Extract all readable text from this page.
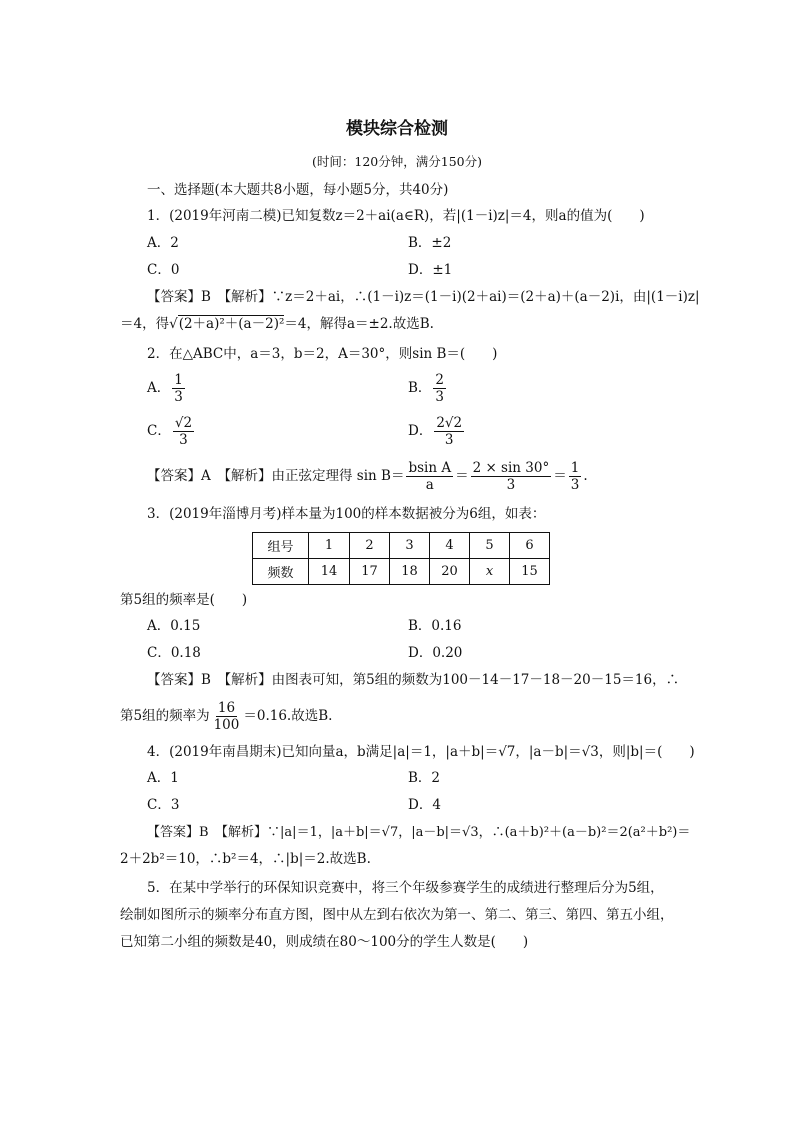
模块综合检测
(时间：120分钟，满分150分)
一、选择题(本大题共8小题，每小题5分，共40分)
1．(2019年河南二模)已知复数z＝2＋ai(a∈R)，若|(1－i)z|＝4，则a的值为(　　)
A．2	B．±2
C．0	D．±1
【答案】B　【解析】∵z＝2＋ai，∴(1－i)z＝(1－i)(2＋ai)＝(2＋a)＋(a－2)i，由|(1－i)z|
＝4，得√(2＋a)²＋(a－2)²＝4，解得a＝±2.故选B.
2．在△ABC中，a＝3，b＝2，A＝30°，则sin B＝(　　)
A． $\frac{1}{3}$	B． $\frac{2}{3}$
C． $\frac{√2}{3}$	D． $\frac{2√2}{3}$
【答案】A　【解析】由正弦定理得 $\sin B= \frac{\text{bsin A}}{a} = \frac{2 \times \sin 30^\circ}{3} = \frac{1}{3}$ .
3．(2019年淄博月考)样本量为100的样本数据被分为6组，如表：
组号	1	2	3	4	5	6
频数	14	17	18	20	x	15
第5组的频率是(　　)
A．0.15	B．0.16
C．0.18	D．0.20
【答案】B　【解析】由图表可知，第5组的频数为100－14－17－18－20－15＝16，∴
第5组的频率为 $\frac{16}{100} =0.16$.故选B.
4．(2019年南昌期末)已知向量a，b满足|a|＝1，|a＋b|＝√7，|a－b|＝√3，则|b|＝(　　)
A．1	B．2
C．3	D．4
【答案】B　【解析】∵|a|＝1，|a＋b|＝√7，|a－b|＝√3，∴(a＋b)²＋(a－b)²＝2(a²＋b²)＝
2＋2b²＝10，∴b²＝4，∴|b|＝2.故选B.
5．在某中学举行的环保知识竞赛中，将三个年级参赛学生的成绩进行整理后分为5组，
绘制如图所示的频率分布直方图，图中从左到右依次为第一、第二、第三、第四、第五小组，
已知第二小组的频数是40，则成绩在80～100分的学生人数是(　　)
